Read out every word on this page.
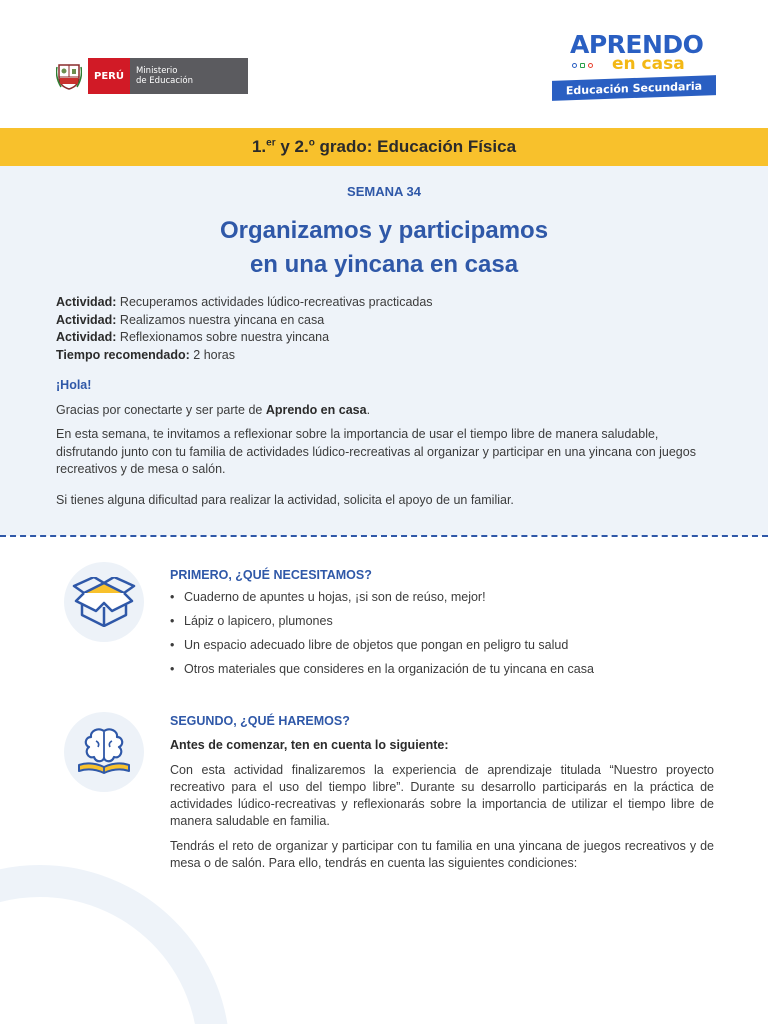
PERÚ	Ministerio
de Educación
APRENDO
en casa
Educación Secundaria
1.$^{er}$ y 2.$^o$ grado: Educación Física
SEMANA 34
Organizamos y participamos
en una yincana en casa
Actividad: Recuperamos actividades lúdico-recreativas practicadas
Actividad: Realizamos nuestra yincana en casa
Actividad: Reflexionamos sobre nuestra yincana
Tiempo recomendado: 2 horas
¡Hola!
Gracias por conectarte y ser parte de Aprendo en casa.
En esta semana, te invitamos a reflexionar sobre la importancia de usar el tiempo libre de manera saludable, disfrutando junto con tu familia de actividades lúdico-recreativas al organizar y participar en una yincana con juegos recreativos y de mesa o salón.
Si tienes alguna dificultad para realizar la actividad, solicita el apoyo de un familiar.
PRIMERO, ¿QUÉ NECESITAMOS?
• Cuaderno de apuntes u hojas, ¡si son de reúso, mejor!
• Lápiz o lapicero, plumones
• Un espacio adecuado libre de objetos que pongan en peligro tu salud
• Otros materiales que consideres en la organización de tu yincana en casa
SEGUNDO, ¿QUÉ HAREMOS?
Antes de comenzar, ten en cuenta lo siguiente:
Con esta actividad finalizaremos la experiencia de aprendizaje titulada “Nuestro proyecto recreativo para el uso del tiempo libre”. Durante su desarrollo participarás en la práctica de actividades lúdico-recreativas y reflexionarás sobre la importancia de utilizar el tiempo libre de manera saludable en familia.
Tendrás el reto de organizar y participar con tu familia en una yincana de juegos recreativos y de mesa o de salón. Para ello, tendrás en cuenta las siguientes condiciones:
